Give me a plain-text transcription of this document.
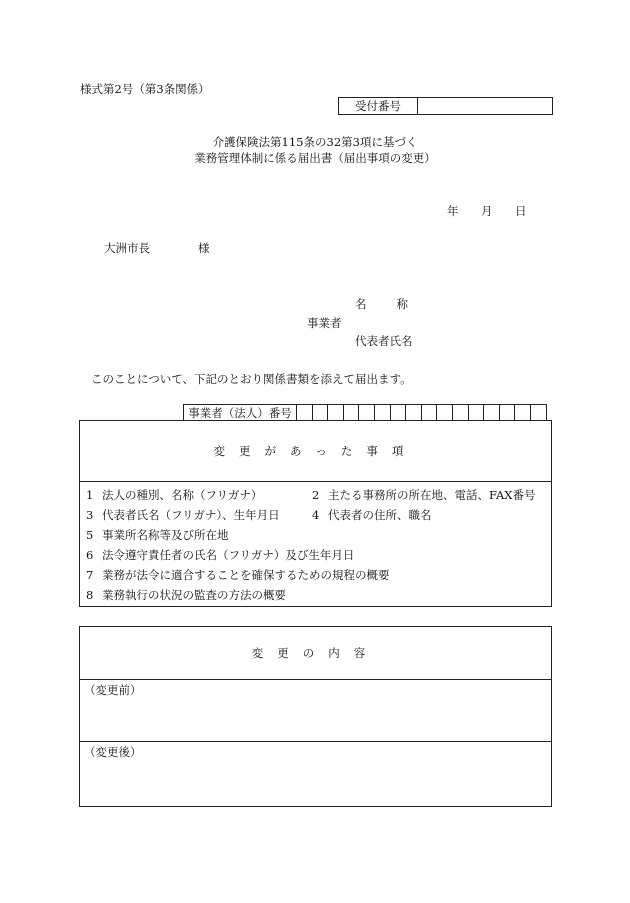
様式第2号（第3条関係）
受付番号
介護保険法第115条の32第3項に基づく
業務管理体制に係る届出書（届出事項の変更）
年	月	日
大洲市長	様
名称
事業者
代表者氏名
このことについて、下記のとおり関係書類を添えて届出ます。
事業者（法人）番号
変更があった事項
1 法人の種別、名称（フリガナ）	2 主たる事務所の所在地、電話、FAX番号
3 代表者氏名（フリガナ）、生年月日	4 代表者の住所、職名
5 事業所名称等及び所在地
6 法令遵守責任者の氏名（フリガナ）及び生年月日
7 業務が法令に適合することを確保するための規程の概要
8 業務執行の状況の監査の方法の概要
変更の内容
（変更前）
（変更後）
